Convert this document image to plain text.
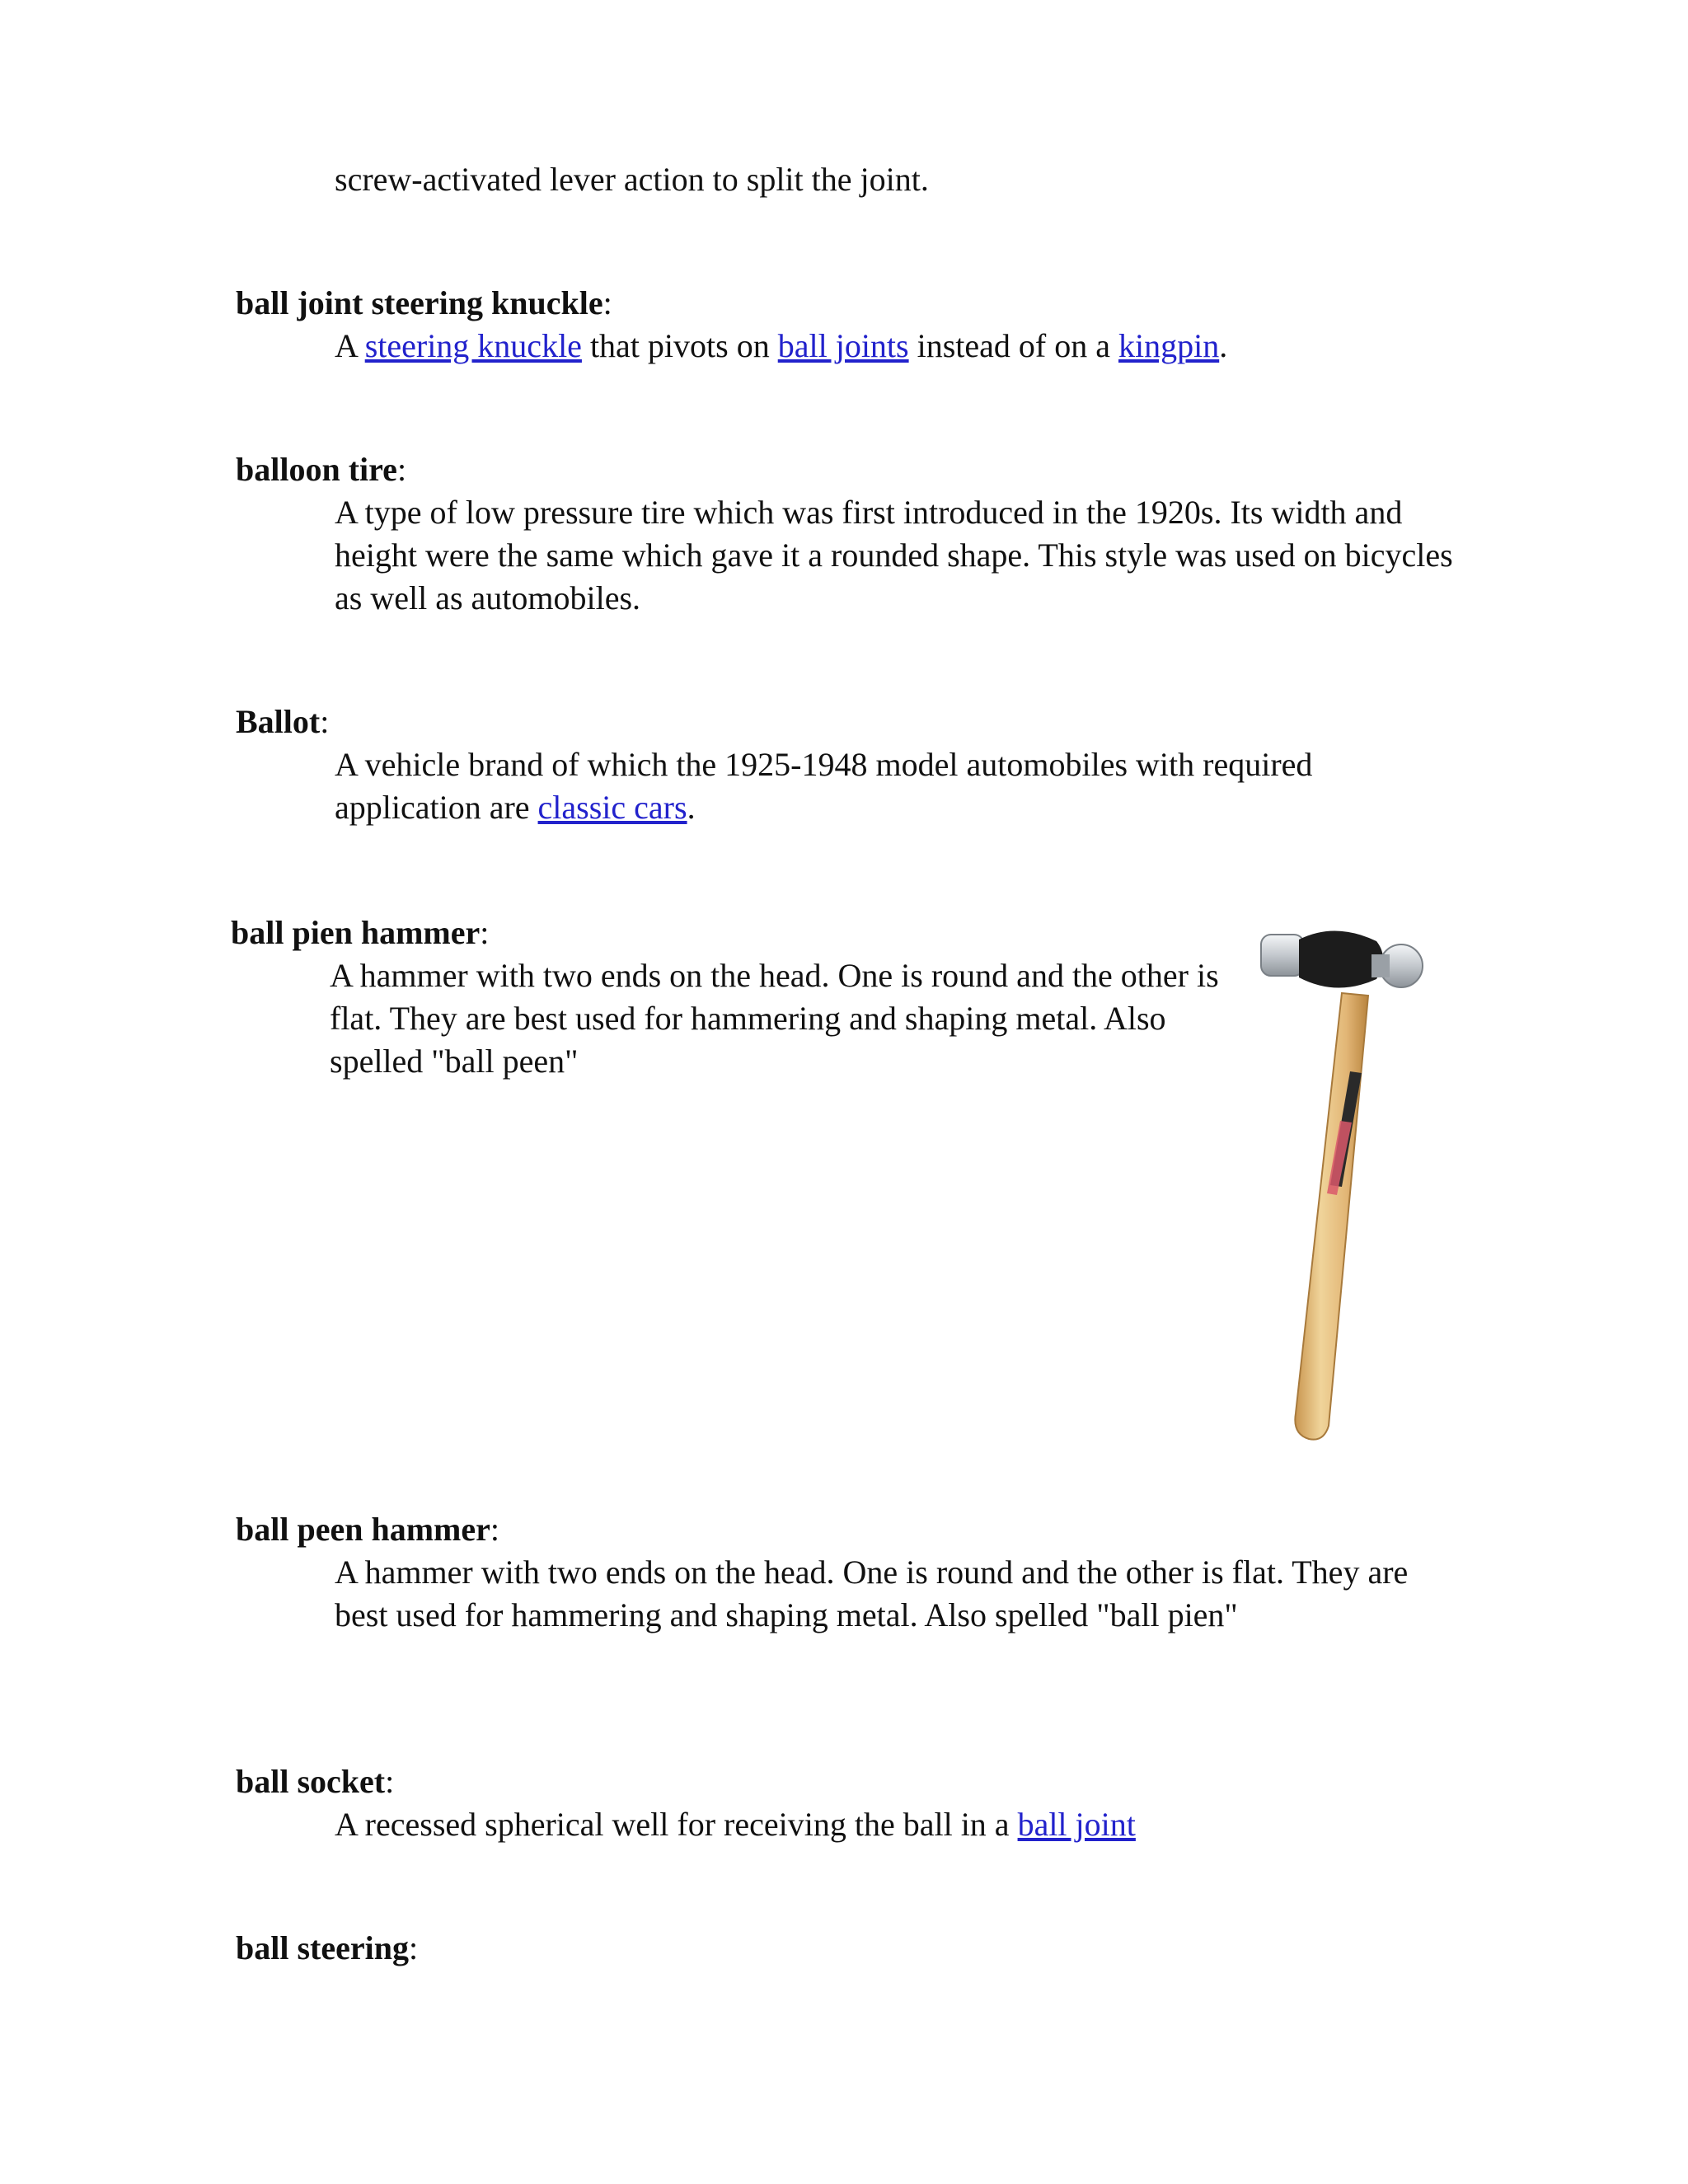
screw-activated lever action to split the joint.
ball joint steering knuckle:
A steering knuckle that pivots on ball joints instead of on a kingpin.
balloon tire:
A type of low pressure tire which was first introduced in the 1920s. Its width and height were the same which gave it a rounded shape. This style was used on bicycles as well as automobiles.
Ballot:
A vehicle brand of which the 1925-1948 model automobiles with required application are classic cars.
ball pien hammer:
A hammer with two ends on the head. One is round and the other is flat. They are best used for hammering and shaping metal. Also spelled "ball peen"
ball peen hammer:
A hammer with two ends on the head. One is round and the other is flat. They are best used for hammering and shaping metal. Also spelled "ball pien"
ball socket:
A recessed spherical well for receiving the ball in a ball joint
ball steering:
